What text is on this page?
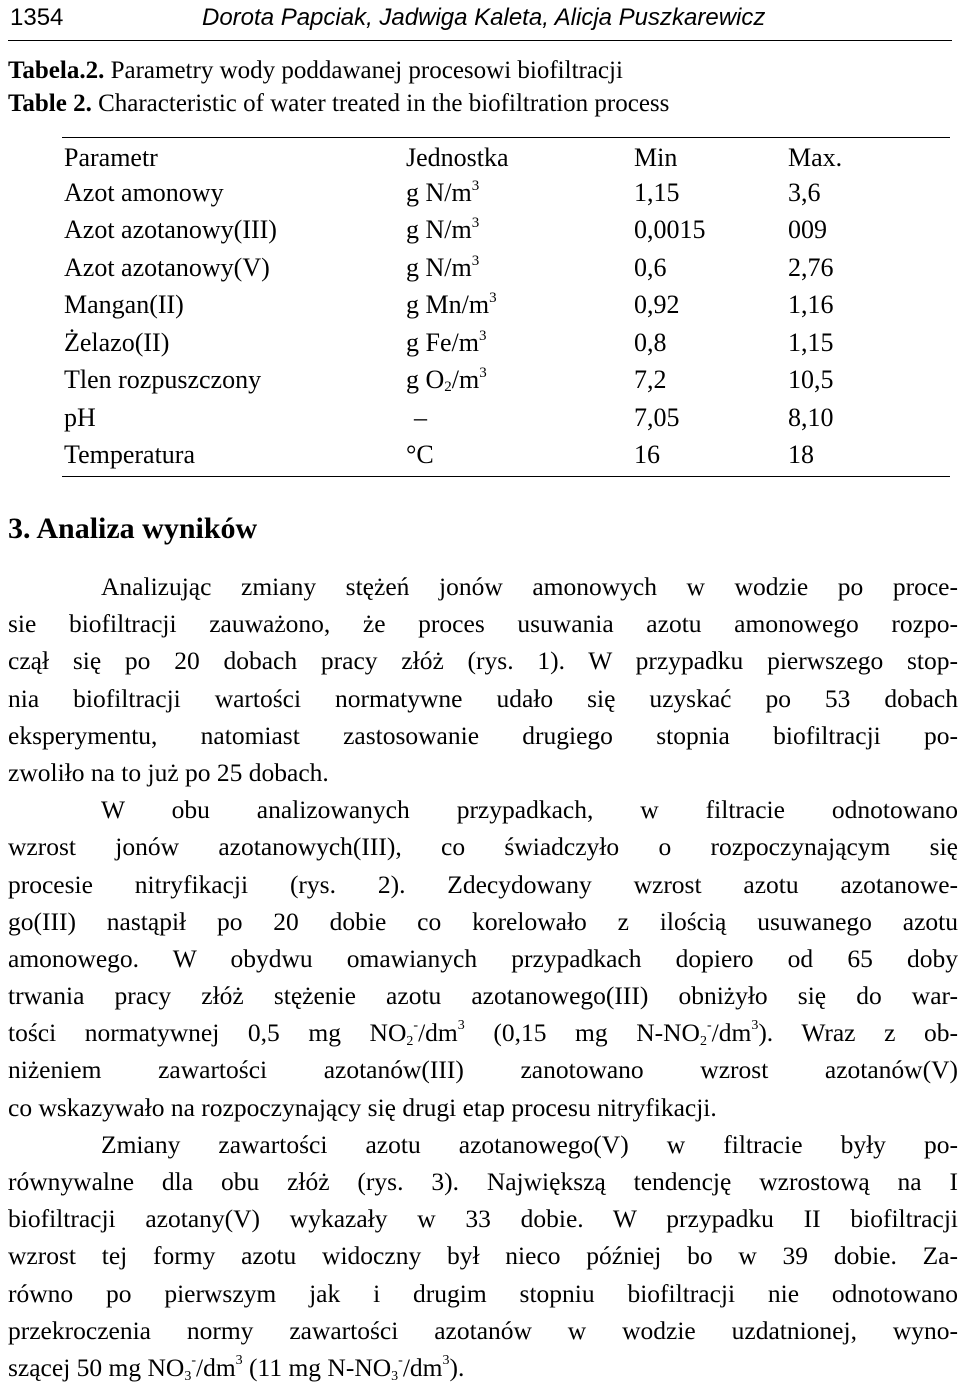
1354	Dorota Papciak, Jadwiga Kaleta, Alicja Puszkarewicz
Tabela.2. Parametry wody poddawanej procesowi biofiltracji
Table 2. Characteristic of water treated in the biofiltration process
Parametr	Jednostka	Min	Max.
Azot amonowy	g $N/m^3$	1,15	3,6
Azot azotanowy(III)	g $N/m^3$	0,0015	009
Azot azotanowy(V)	g $N/m^3$	0,6	2,76
Mangan(II)	g $Mn/m^3$	0,92	1,16
Żelazo(II)	g $Fe/m^3$	0,8	1,15
Tlen rozpuszczony	g $O_2/m^3$	7,2	10,5
pH	–	7,05	8,10
Temperatura	°C	16	18
3. Analiza wyników
Analizując zmiany stężeń jonów amonowych w wodzie po proce-
sie biofiltracji zauważono, że proces usuwania azotu amonowego rozpo-
czął się po 20 dobach pracy złóż (rys. 1). W przypadku pierwszego stop-
nia biofiltracji wartości normatywne udało się uzyskać po 53 dobach
eksperymentu, natomiast zastosowanie drugiego stopnia biofiltracji po-
zwoliło na to już po 25 dobach.
W obu analizowanych przypadkach, w filtracie odnotowano
wzrost jonów azotanowych(III), co świadczyło o rozpoczynającym się
procesie nitryfikacji (rys. 2). Zdecydowany wzrost azotu azotanowe-
go(III) nastąpił po 20 dobie co korelowało z ilością usuwanego azotu
amonowego. W obydwu omawianych przypadkach dopiero od 65 doby
trwania pracy złóż stężenie azotu azotanowego(III) obniżyło się do war-
tości normatywnej 0,5 mg $NO_2^-/dm^3$ (0,15 mg $N-NO_2^-/dm^3$). Wraz z ob-
niżeniem zawartości azotanów(III) zanotowano wzrost azotanów(V)
co wskazywało na rozpoczynający się drugi etap procesu nitryfikacji.
Zmiany zawartości azotu azotanowego(V) w filtracie były po-
równywalne dla obu złóż (rys. 3). Największą tendencję wzrostową na I
biofiltracji azotany(V) wykazały w 33 dobie. W przypadku II biofiltracji
wzrost tej formy azotu widoczny był nieco później bo w 39 dobie. Za-
równo po pierwszym jak i drugim stopniu biofiltracji nie odnotowano
przekroczenia normy zawartości azotanów w wodzie uzdatnionej, wyno-
szącej 50 mg $NO_3^-/dm^3$ (11 mg $N-NO_3^-/dm^3$).
